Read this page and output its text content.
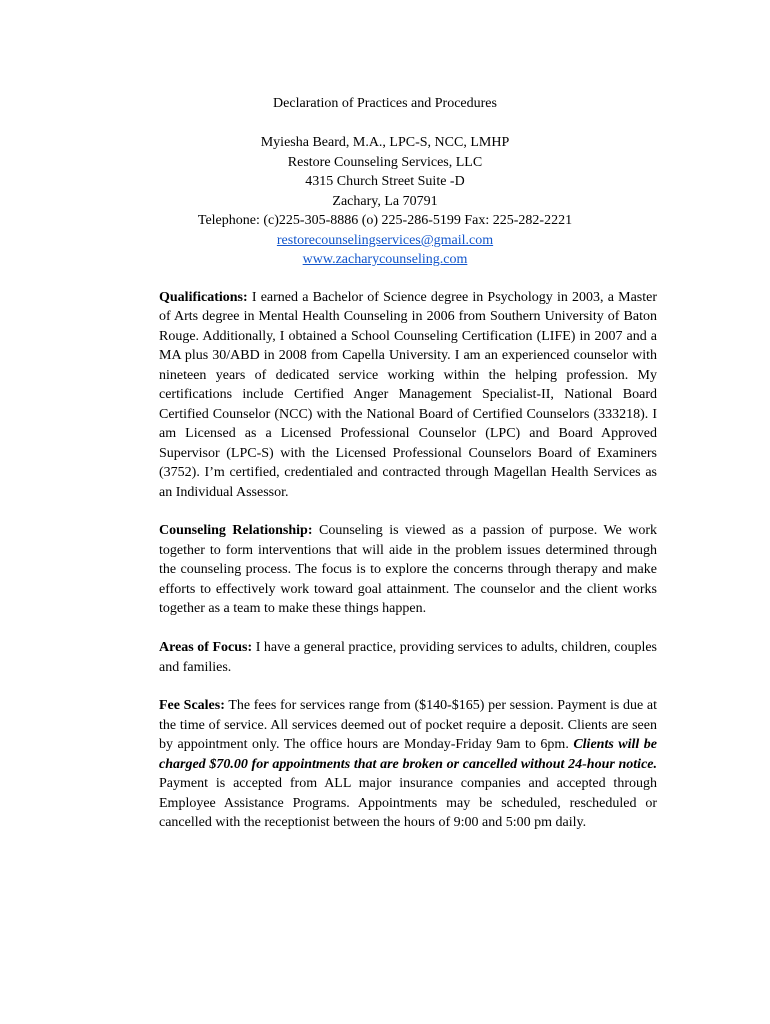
Declaration of Practices and Procedures
Myiesha Beard, M.A., LPC-S, NCC, LMHP
Restore Counseling Services, LLC
4315 Church Street Suite -D
Zachary, La 70791
Telephone: (c)225-305-8886 (o) 225-286-5199 Fax: 225-282-2221
restorecounselingservices@gmail.com
www.zacharycounseling.com

Qualifications: I earned a Bachelor of Science degree in Psychology in 2003, a Master of Arts degree in Mental Health Counseling in 2006 from Southern University of Baton Rouge. Additionally, I obtained a School Counseling Certification (LIFE) in 2007 and a MA plus 30/ABD in 2008 from Capella University. I am an experienced counselor with nineteen years of dedicated service working within the helping profession. My certifications include Certified Anger Management Specialist-II, National Board Certified Counselor (NCC) with the National Board of Certified Counselors (333218). I am Licensed as a Licensed Professional Counselor (LPC) and Board Approved Supervisor (LPC-S) with the Licensed Professional Counselors Board of Examiners (3752). I’m certified, credentialed and contracted through Magellan Health Services as an Individual Assessor.

Counseling Relationship: Counseling is viewed as a passion of purpose. We work together to form interventions that will aide in the problem issues determined through the counseling process. The focus is to explore the concerns through therapy and make efforts to effectively work toward goal attainment. The counselor and the client works together as a team to make these things happen.

Areas of Focus: I have a general practice, providing services to adults, children, couples and families.

Fee Scales: The fees for services range from ($140-$165) per session. Payment is due at the time of service. All services deemed out of pocket require a deposit. Clients are seen by appointment only. The office hours are Monday-Friday 9am to 6pm. Clients will be charged $70.00 for appointments that are broken or cancelled without 24-hour notice. Payment is accepted from ALL major insurance companies and accepted through Employee Assistance Programs. Appointments may be scheduled, rescheduled or cancelled with the receptionist between the hours of 9:00 and 5:00 pm daily.
